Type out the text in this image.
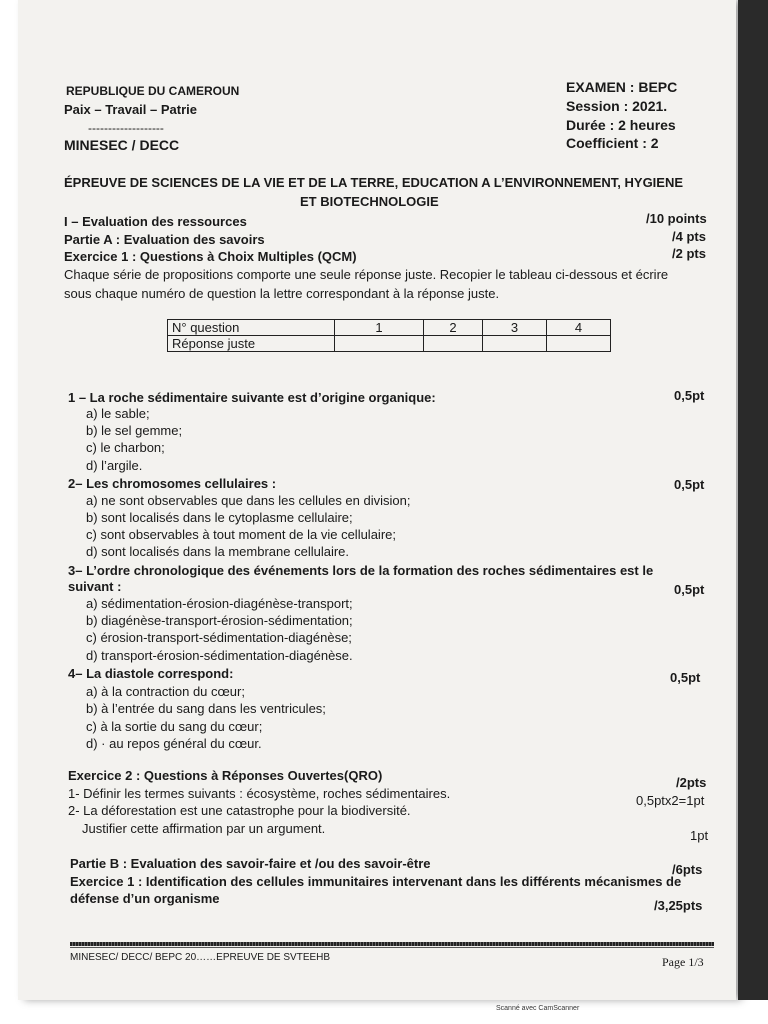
REPUBLIQUE DU CAMEROUN
Paix – Travail – Patrie
-------------------
MINESEC / DECC
EXAMEN : BEPC
Session : 2021.
Durée : 2 heures
Coefficient : 2
ÉPREUVE DE SCIENCES DE LA VIE ET DE LA TERRE, EDUCATION A L’ENVIRONNEMENT, HYGIENE
ET BIOTECHNOLOGIE
I – Evaluation des ressources	/10 points
Partie A : Evaluation des savoirs	/4 pts
Exercice 1 : Questions à Choix Multiples (QCM)	/2 pts
Chaque série de propositions comporte une seule réponse juste. Recopier le tableau ci-dessous et écrire
sous chaque numéro de question la lettre correspondant à la réponse juste.
N° question	1	2	3	4
Réponse juste				
1 – La roche sédimentaire suivante est d’origine organique:	0,5pt
a) le sable;
b) le sel gemme;
c) le charbon;
d) l’argile.
2– Les chromosomes cellulaires :	0,5pt
a) ne sont observables que dans les cellules en division;
b) sont localisés dans le cytoplasme cellulaire;
c) sont observables à tout moment de la vie cellulaire;
d) sont localisés dans la membrane cellulaire.
3– L’ordre chronologique des événements lors de la formation des roches sédimentaires est le
suivant :	0,5pt
a) sédimentation-érosion-diagénèse-transport;
b) diagénèse-transport-érosion-sédimentation;
c) érosion-transport-sédimentation-diagénèse;
d) transport-érosion-sédimentation-diagénèse.
4– La diastole correspond:	0,5pt
a) à la contraction du cœur;
b) à l’entrée du sang dans les ventricules;
c) à la sortie du sang du cœur;
d) · au repos général du cœur.
Exercice 2 : Questions à Réponses Ouvertes(QRO)	/2pts
1- Définir les termes suivants : écosystème, roches sédimentaires.	0,5ptx2=1pt
2- La déforestation est une catastrophe pour la biodiversité.
Justifier cette affirmation par un argument.	1pt
Partie B : Evaluation des savoir-faire et /ou des savoir-être	/6pts
Exercice 1 : Identification des cellules immunitaires intervenant dans les différents mécanismes de
défense d’un organisme	/3,25pts
MINESEC/ DECC/ BEPC 20……EPREUVE DE SVTEEHB	Page 1/3
Scanné avec CamScanner
